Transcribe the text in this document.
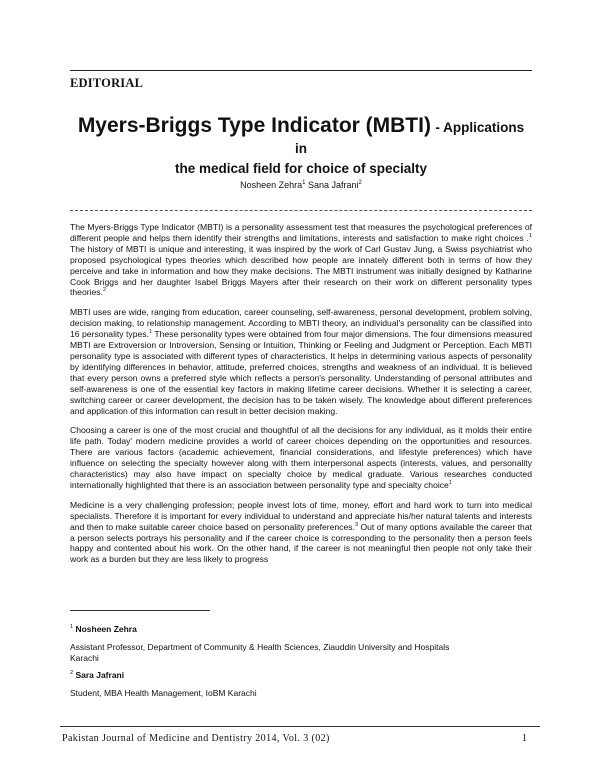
EDITORIAL
Myers-Briggs Type Indicator (MBTI) - Applications in
the medical field for choice of specialty
Nosheen Zehra$^1$ Sana Jafrani$^2$

The Myers-Briggs Type Indicator (MBTI) is a personality assessment test that measures the psychological preferences of different people and helps them identify their strengths and limitations, interests and satisfaction to make right choices .$^1$ The history of MBTI is unique and interesting, it was inspired by the work of Carl Gustav Jung, a Swiss psychiatrist who proposed psychological types theories which described how people are innately different both in terms of how they perceive and take in information and how they make decisions. The MBTI instrument was initially designed by Katharine Cook Briggs and her daughter Isabel Briggs Mayers after their research on their work on different personality types theories.$^2$

MBTI uses are wide, ranging from education, career counseling, self-awareness, personal development, problem solving, decision making, to relationship management. According to MBTI theory, an individual's personality can be classified into 16 personality types.$^1$ These personality types were obtained from four major dimensions. The four dimensions measured MBTI are Extroversion or Introversion, Sensing or Intuition, Thinking or Feeling and Judgment or Perception. Each MBTI personality type is associated with different types of characteristics. It helps in determining various aspects of personality by identifying differences in behavior, attitude, preferred choices, strengths and weakness of an individual. It is believed that every person owns a preferred style which reflects a person's personality. Understanding of personal attributes and self-awareness is one of the essential key factors in making lifetime career decisions. Whether it is selecting a career, switching career or career development, the decision has to be taken wisely. The knowledge about different preferences and application of this information can result in better decision making.

Choosing a career is one of the most crucial and thoughtful of all the decisions for any individual, as it molds their entire life path. Today' modern medicine provides a world of career choices depending on the opportunities and resources. There are various factors (academic achievement, financial considerations, and lifestyle preferences) which have influence on selecting the specialty however along with them interpersonal aspects (interests, values, and personality characteristics) may also have impact on specialty choice by medical graduate. Various researches conducted internationally highlighted that there is an association between personality type and specialty choice$^1$

Medicine is a very challenging profession; people invest lots of time, money, effort and hard work to turn into medical specialists. Therefore it is important for every individual to understand and appreciate his/her natural talents and interests and then to make suitable career choice based on personality preferences.$^3$ Out of many options available the career that a person selects portrays his personality and if the career choice is corresponding to the personality then a person feels happy and contented about his work. On the other hand, if the career is not meaningful then people not only take their work as a burden but they are less likely to progress

$^1$ Nosheen Zehra
Assistant Professor, Department of Community & Health Sciences, Ziauddin University and Hospitals
Karachi
$^2$ Sara Jafrani
Student, MBA Health Management, IoBM Karachi
Pakistan Journal of Medicine and Dentistry 2014, Vol. 3 (02)	1
